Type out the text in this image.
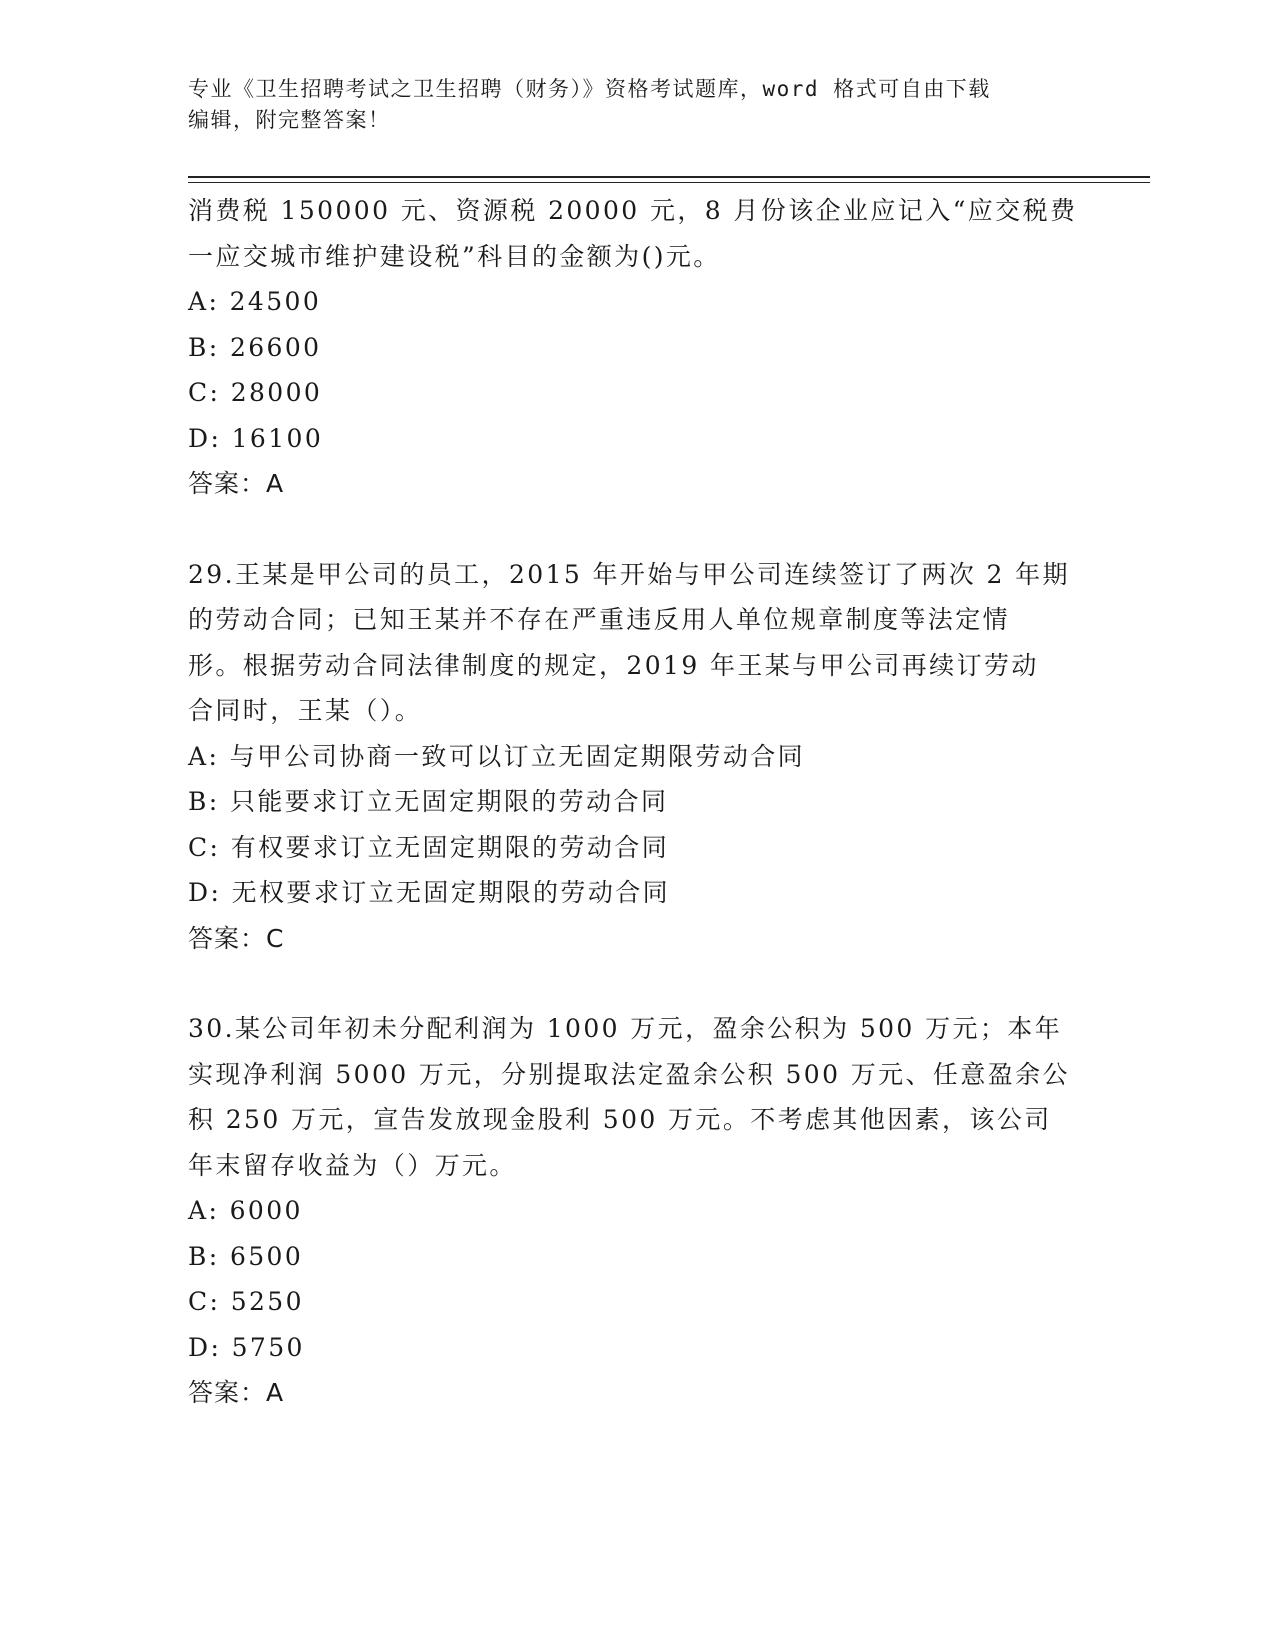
专业《卫生招聘考试之卫生招聘（财务）》资格考试题库，word 格式可自由下载
编辑，附完整答案！
消费税 150000 元、资源税 20000 元，8 月份该企业应记入“应交税费
一应交城市维护建设税”科目的金额为()元。
A: 24500
B: 26600
C: 28000
D: 16100
答案：A
29.王某是甲公司的员工，2015 年开始与甲公司连续签订了两次 2 年期
的劳动合同；已知王某并不存在严重违反用人单位规章制度等法定情
形。根据劳动合同法律制度的规定，2019 年王某与甲公司再续订劳动
合同时，王某（）。
A: 与甲公司协商一致可以订立无固定期限劳动合同
B: 只能要求订立无固定期限的劳动合同
C: 有权要求订立无固定期限的劳动合同
D: 无权要求订立无固定期限的劳动合同
答案：C
30.某公司年初未分配利润为 1000 万元，盈余公积为 500 万元；本年
实现净利润 5000 万元，分别提取法定盈余公积 500 万元、任意盈余公
积 250 万元，宣告发放现金股利 500 万元。不考虑其他因素，该公司
年末留存收益为（）万元。
A: 6000
B: 6500
C: 5250
D: 5750
答案：A
